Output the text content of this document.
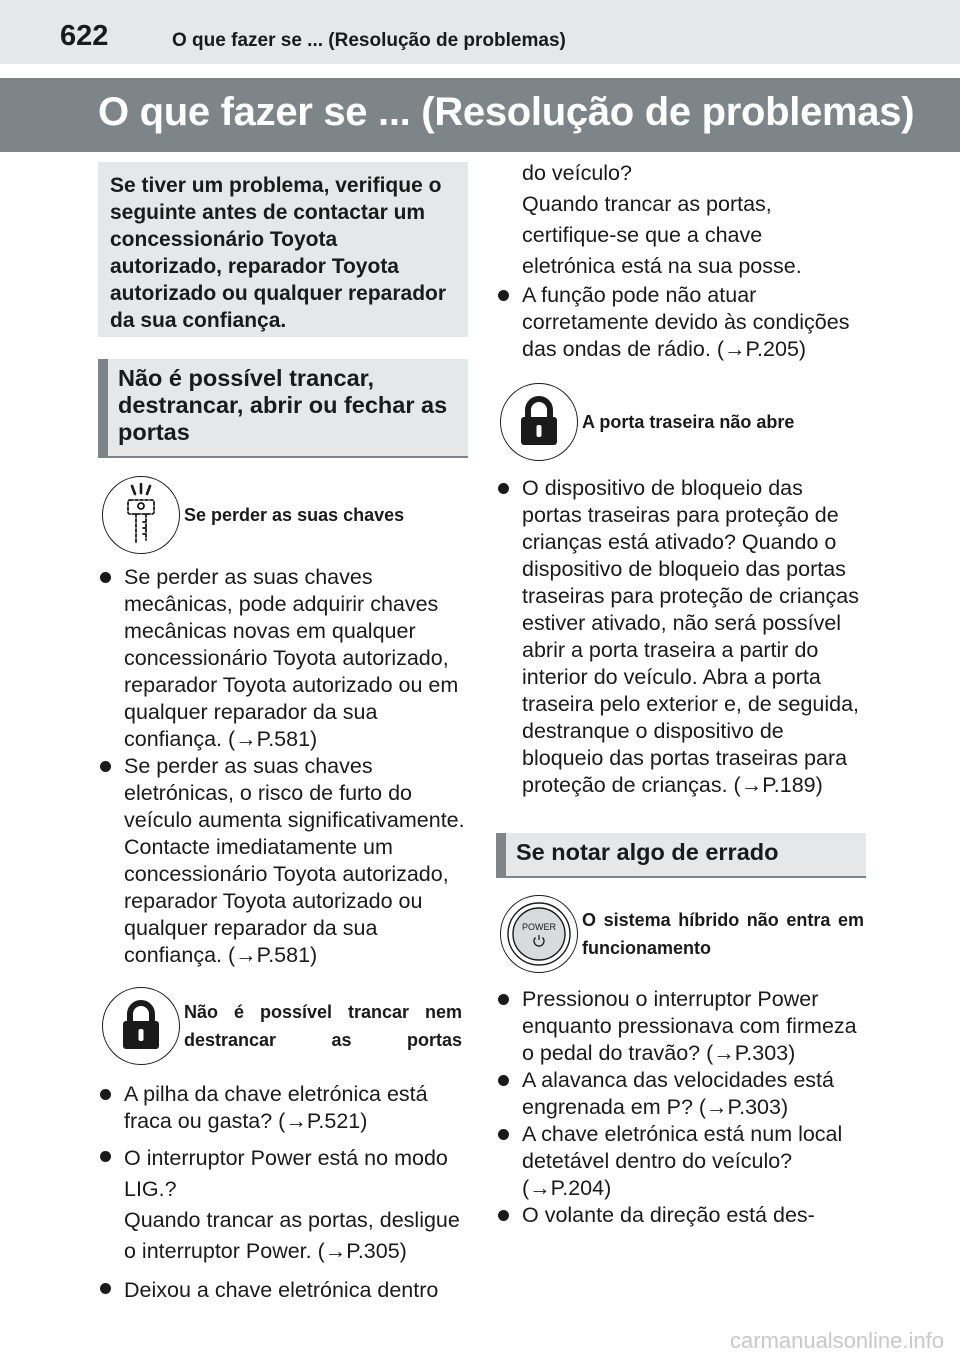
622	O que fazer se ... (Resolução de problemas)
O que fazer se ... (Resolução de problemas)

Se tiver um problema, verifique o seguinte antes de contactar um concessionário Toyota autorizado, reparador Toyota autorizado ou qualquer reparador da sua confiança.

Não é possível trancar, destrancar, abrir ou fechar as portas
Se perder as suas chaves
Se perder as suas chaves mecânicas, pode adquirir chaves mecânicas novas em qualquer concessionário Toyota autorizado, reparador Toyota autorizado ou em qualquer reparador da sua confiança. (→P.581)
Se perder as suas chaves eletrónicas, o risco de furto do veículo aumenta significativamente. Contacte imediatamente um concessionário Toyota autorizado, reparador Toyota autorizado ou qualquer reparador da sua confiança. (→P.581)
Não é possível trancar nem destrancar as portas
A pilha da chave eletrónica está fraca ou gasta? (→P.521)
O interruptor Power está no modo LIG.?
Quando trancar as portas, desligue o interruptor Power. (→P.305)
Deixou a chave eletrónica dentro
do veículo?
Quando trancar as portas, certifique-se que a chave eletrónica está na sua posse.
A função pode não atuar corretamente devido às condições das ondas de rádio. (→P.205)
A porta traseira não abre
O dispositivo de bloqueio das portas traseiras para proteção de crianças está ativado? Quando o dispositivo de bloqueio das portas traseiras para proteção de crianças estiver ativado, não será possível abrir a porta traseira a partir do interior do veículo. Abra a porta traseira pelo exterior e, de seguida, destranque o dispositivo de bloqueio das portas traseiras para proteção de crianças. (→P.189)
Se notar algo de errado
POWER O sistema híbrido não entra em funcionamento
Pressionou o interruptor Power enquanto pressionava com firmeza o pedal do travão? (→P.303)
A alavanca das velocidades está engrenada em P? (→P.303)
A chave eletrónica está num local detetável dentro do veículo? (→P.204)
O volante da direção está des-
carmanualsonline.info
